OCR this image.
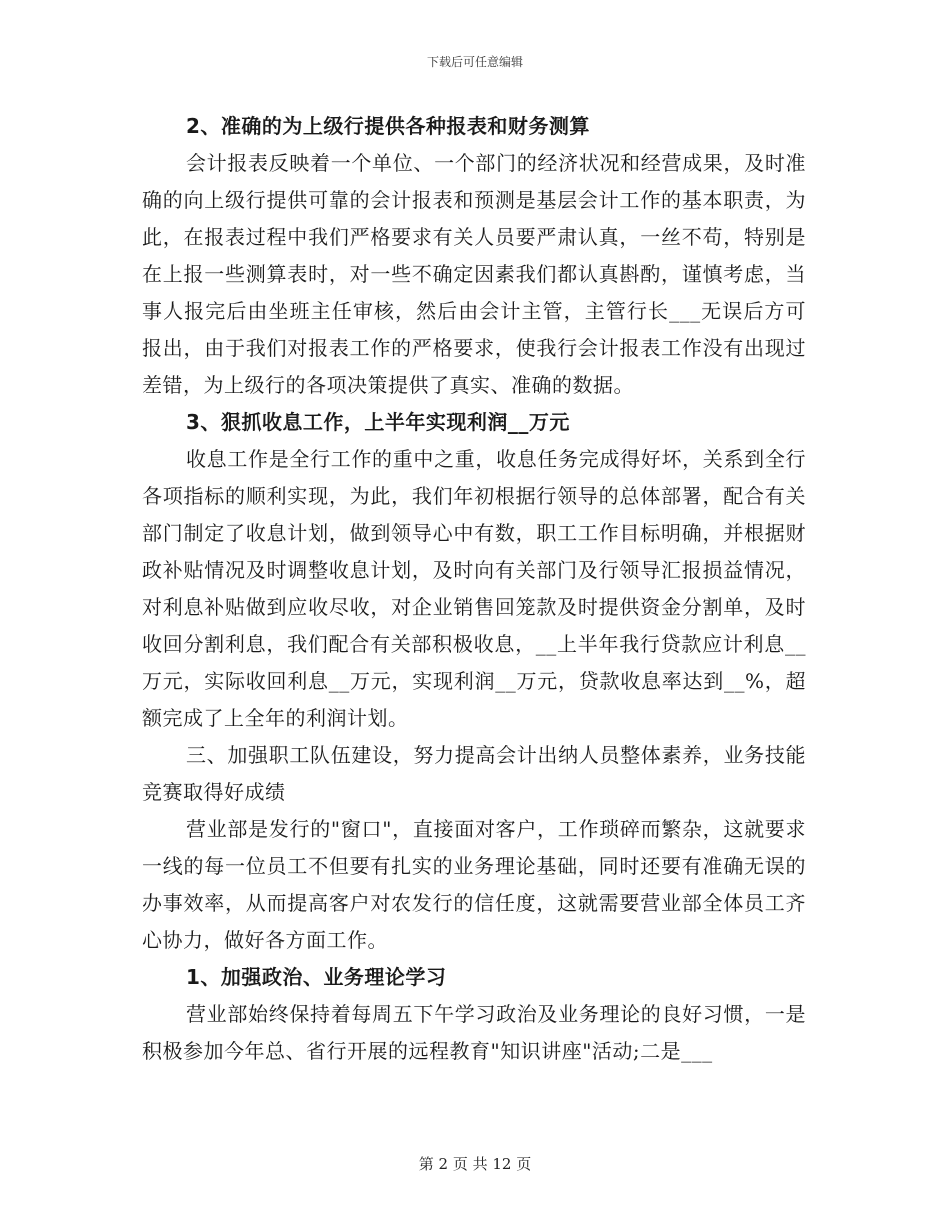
下载后可任意编辑
2、准确的为上级行提供各种报表和财务测算

会计报表反映着一个单位、一个部门的经济状况和经营成果，及时准确的向上级行提供可靠的会计报表和预测是基层会计工作的基本职责，为此，在报表过程中我们严格要求有关人员要严肃认真，一丝不苟，特别是在上报一些测算表时，对一些不确定因素我们都认真斟酌，谨慎考虑，当事人报完后由坐班主任审核，然后由会计主管，主管行长___无误后方可报出，由于我们对报表工作的严格要求，使我行会计报表工作没有出现过差错，为上级行的各项决策提供了真实、准确的数据。

3、狠抓收息工作，上半年实现利润__万元

收息工作是全行工作的重中之重，收息任务完成得好坏，关系到全行各项指标的顺利实现，为此，我们年初根据行领导的总体部署，配合有关部门制定了收息计划，做到领导心中有数，职工工作目标明确，并根据财政补贴情况及时调整收息计划，及时向有关部门及行领导汇报损益情况，对利息补贴做到应收尽收，对企业销售回笼款及时提供资金分割单，及时收回分割利息，我们配合有关部积极收息，__上半年我行贷款应计利息__万元，实际收回利息__万元，实现利润__万元，贷款收息率达到__%，超额完成了上全年的利润计划。

三、加强职工队伍建设，努力提高会计出纳人员整体素养，业务技能竞赛取得好成绩

营业部是发行的"窗口"，直接面对客户，工作琐碎而繁杂，这就要求一线的每一位员工不但要有扎实的业务理论基础，同时还要有准确无误的办事效率，从而提高客户对农发行的信任度，这就需要营业部全体员工齐心协力，做好各方面工作。

1、加强政治、业务理论学习

营业部始终保持着每周五下午学习政治及业务理论的良好习惯，一是积极参加今年总、省行开展的远程教育"知识讲座"活动;二是___

第 2 页 共 12 页
